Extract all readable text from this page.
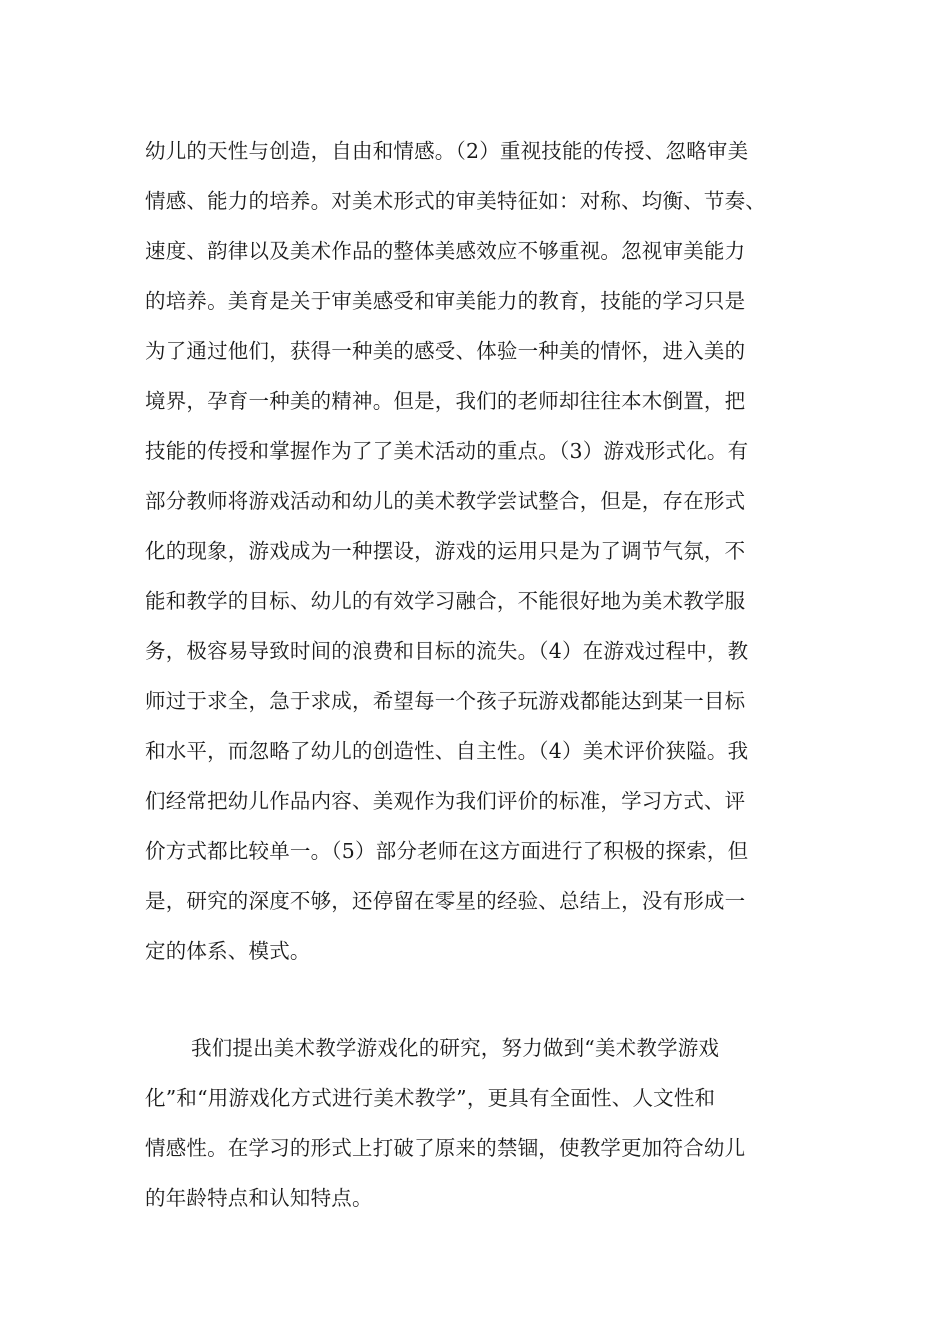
幼儿的天性与创造，自由和情感。（2）重视技能的传授、忽略审美
情感、能力的培养。对美术形式的审美特征如：对称、均衡、节奏、
速度、韵律以及美术作品的整体美感效应不够重视。忽视审美能力
的培养。美育是关于审美感受和审美能力的教育，技能的学习只是
为了通过他们，获得一种美的感受、体验一种美的情怀，进入美的
境界，孕育一种美的精神。但是，我们的老师却往往本木倒置，把
技能的传授和掌握作为了了美术活动的重点。（3）游戏形式化。有
部分教师将游戏活动和幼儿的美术教学尝试整合，但是，存在形式
化的现象，游戏成为一种摆设，游戏的运用只是为了调节气氛，不
能和教学的目标、幼儿的有效学习融合，不能很好地为美术教学服
务，极容易导致时间的浪费和目标的流失。（4）在游戏过程中，教
师过于求全，急于求成，希望每一个孩子玩游戏都能达到某一目标
和水平，而忽略了幼儿的创造性、自主性。（4）美术评价狭隘。我
们经常把幼儿作品内容、美观作为我们评价的标准，学习方式、评
价方式都比较单一。（5）部分老师在这方面进行了积极的探索，但
是，研究的深度不够，还停留在零星的经验、总结上，没有形成一
定的体系、模式。
我们提出美术教学游戏化的研究，努力做到“美术教学游戏
化”和“用游戏化方式进行美术教学”，更具有全面性、人文性和
情感性。在学习的形式上打破了原来的禁锢，使教学更加符合幼儿
的年龄特点和认知特点。
